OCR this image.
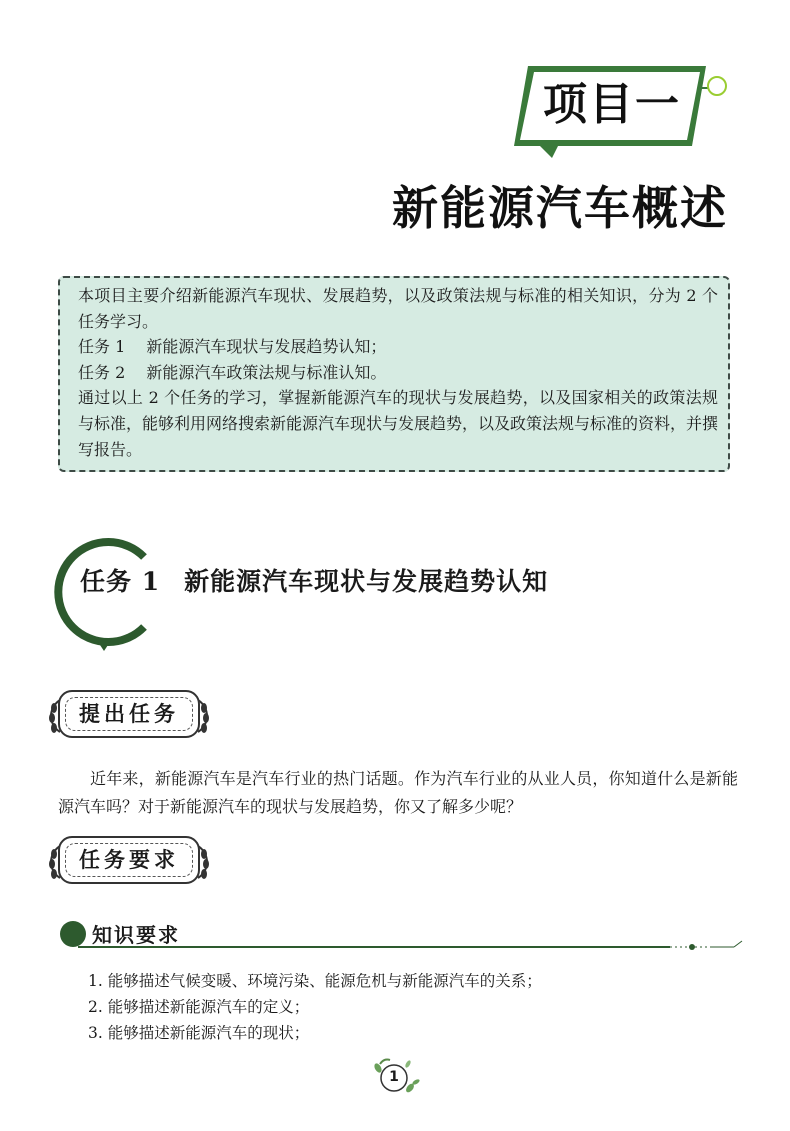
项目一
新能源汽车概述

本项目主要介绍新能源汽车现状、发展趋势，以及政策法规与标准的相关知识，分为 2 个任务学习。

任务 1　 新能源汽车现状与发展趋势认知；

任务 2　 新能源汽车政策法规与标准认知。

通过以上 2 个任务的学习，掌握新能源汽车的现状与发展趋势，以及国家相关的政策法规与标准，能够利用网络搜索新能源汽车现状与发展趋势，以及政策法规与标准的资料，并撰写报告。

任务 1 新能源汽车现状与发展趋势认知
提出任务

近年来，新能源汽车是汽车行业的热门话题。作为汽车行业的从业人员，你知道什么是新能源汽车吗？对于新能源汽车的现状与发展趋势，你又了解多少呢？

任务要求
知识要求
1. 能够描述气候变暖、环境污染、能源危机与新能源汽车的关系；
2. 能够描述新能源汽车的定义；
3. 能够描述新能源汽车的现状；
1
